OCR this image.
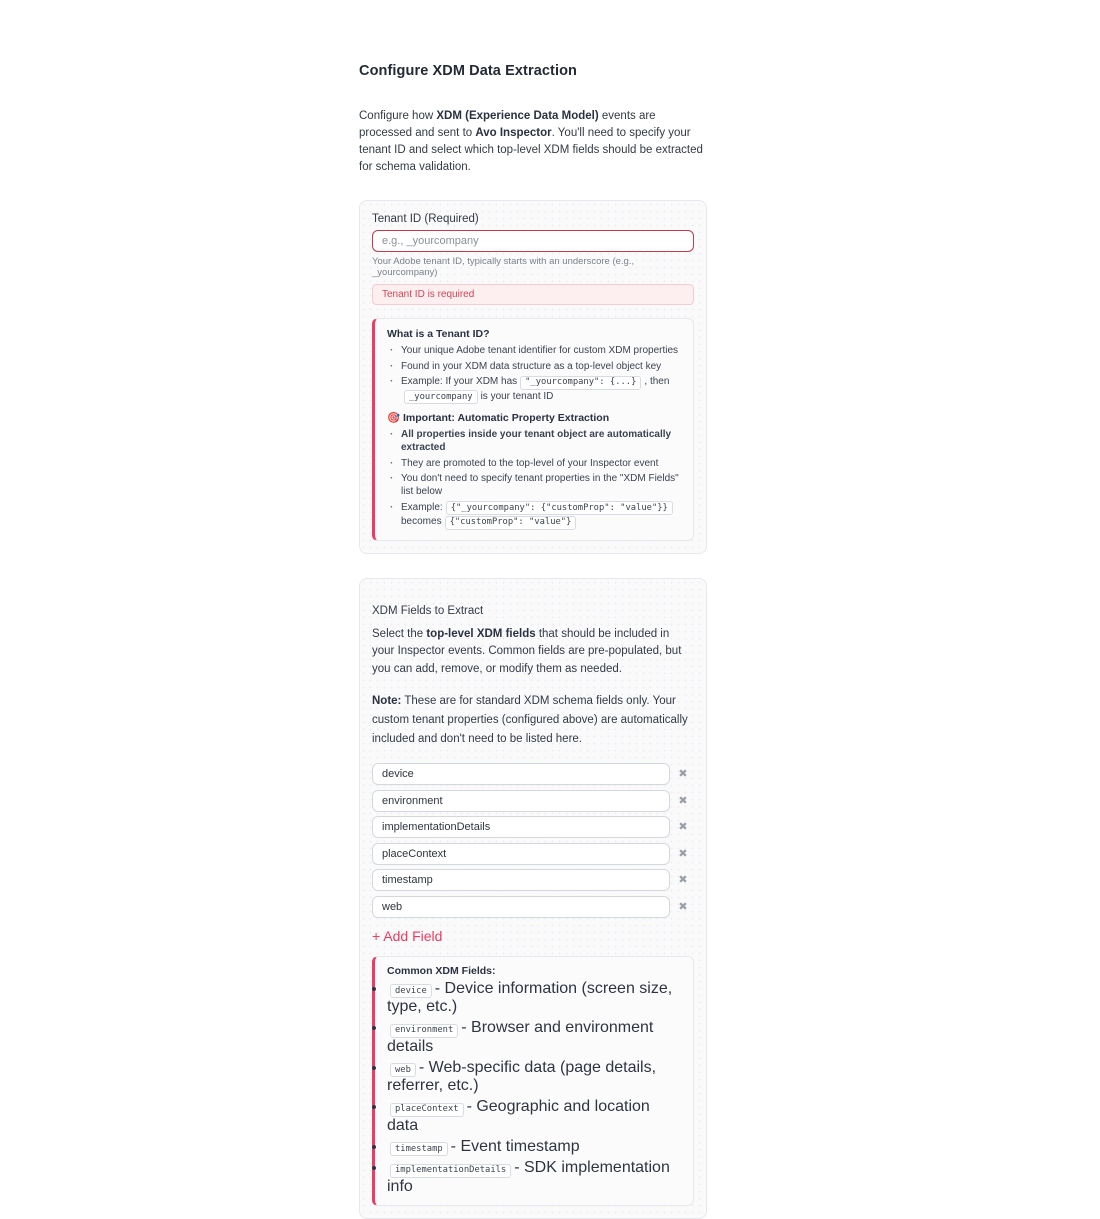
Configure XDM Data Extraction

Configure how XDM (Experience Data Model) events are processed and sent to Avo Inspector. You'll need to specify your tenant ID and select which top-level XDM fields should be extracted for schema validation.

Tenant ID (Required)
e.g., _yourcompany
Your Adobe tenant ID, typically starts with an underscore (e.g., _yourcompany)
Tenant ID is required
What is a Tenant ID?
· Your unique Adobe tenant identifier for custom XDM properties
· Found in your XDM data structure as a top-level object key
· Example: If your XDM has "_yourcompany": {...} , then_yourcompany is your tenant ID
🎯 Important: Automatic Property Extraction
· All properties inside your tenant object are automatically extracted
· They are promoted to the top-level of your Inspector event
· You don't need to specify tenant properties in the "XDM Fields" list below
· Example: {"_yourcompany": {"customProp": "value"}}becomes {"customProp": "value"}
XDM Fields to Extract

Select the top-level XDM fields that should be included in your Inspector events. Common fields are pre-populated, but you can add, remove, or modify them as needed.

Note: These are for standard XDM schema fields only. Your custom tenant properties (configured above) are automatically included and don't need to be listed here.

device
✖
environment
✖
implementationDetails
✖
placeContext
✖
timestamp
✖
web
✖
+ Add Field
Common XDM Fields:
• device - Device information (screen size, type, etc.)
• environment - Browser and environment details
• web - Web-specific data (page details, referrer, etc.)
• placeContext - Geographic and location data
• timestamp - Event timestamp
• implementationDetails - SDK implementation info
